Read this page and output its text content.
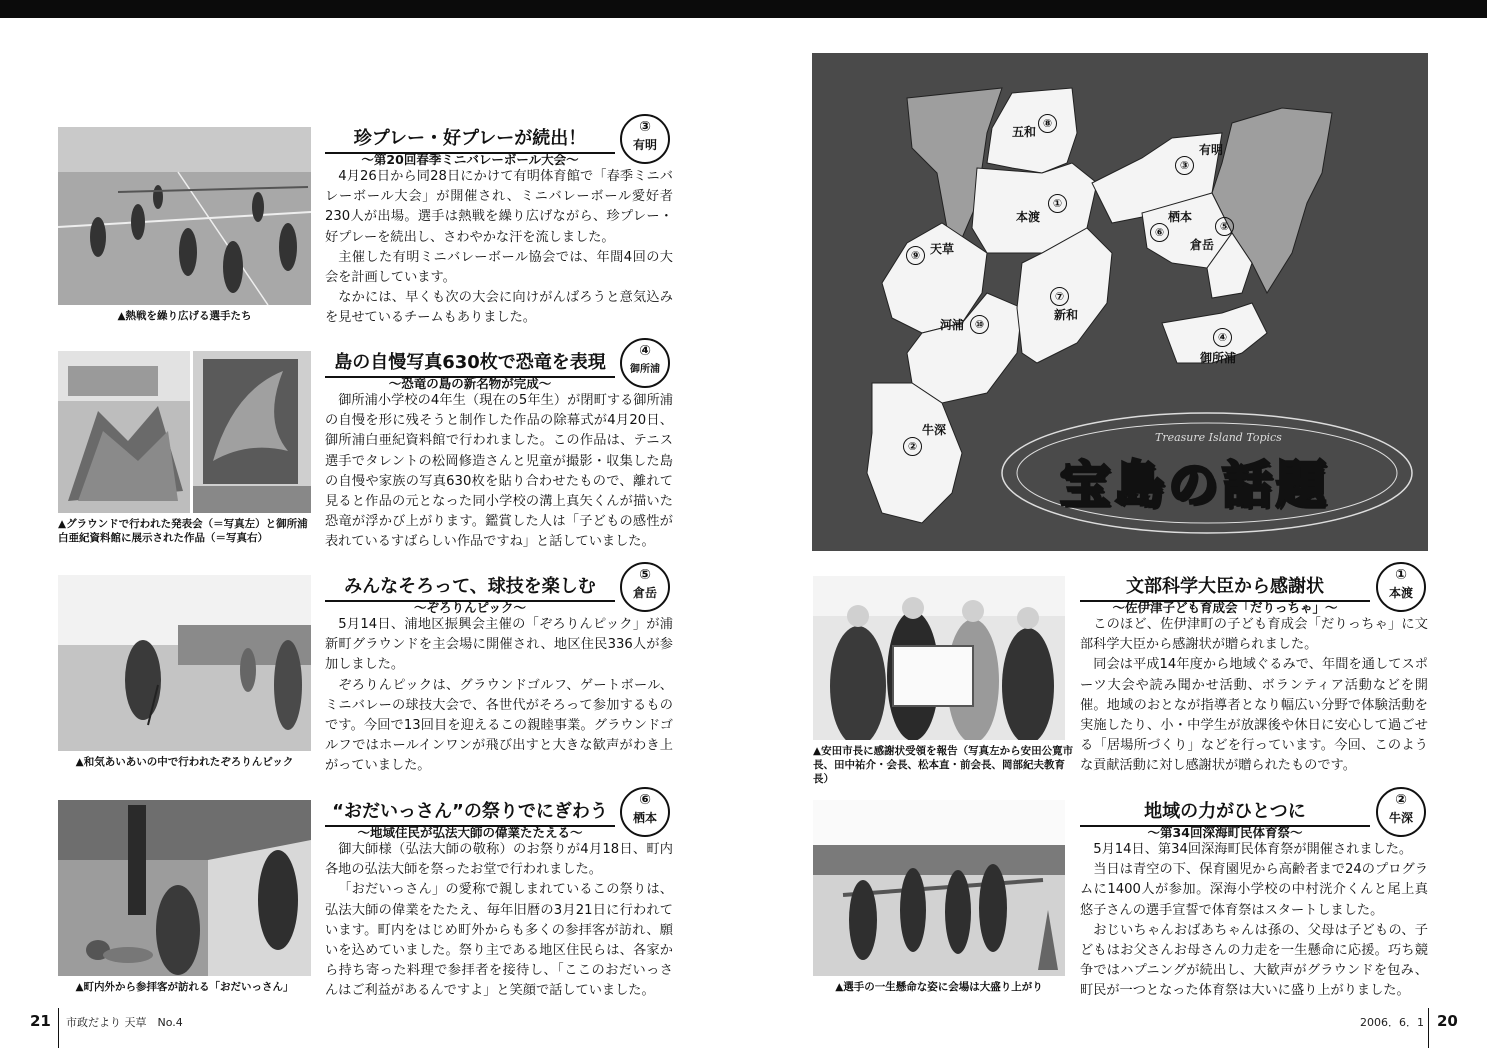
▲熱戦を繰り広げる選手たち
珍プレー・好プレーが続出！
～第20回春季ミニバレーボール大会～
③
有明

4月26日から同28日にかけて有明体育館で「春季ミニバレーボール大会」が開催され、ミニバレーボール愛好者230人が出場。選手は熱戦を繰り広げながら、珍プレー・好プレーを続出し、さわやかな汗を流しました。

主催した有明ミニバレーボール協会では、年間4回の大会を計画しています。

なかには、早くも次の大会に向けがんばろうと意気込みを見せているチームもありました。

▲グラウンドで行われた発表会（＝写真左）と御所浦白亜紀資料館に展示された作品（＝写真右）
島の自慢写真630枚で恐竜を表現
～恐竜の島の新名物が完成～
④
御所浦

御所浦小学校の4年生（現在の5年生）が閉町する御所浦の自慢を形に残そうと制作した作品の除幕式が4月20日、御所浦白亜紀資料館で行われました。この作品は、テニス選手でタレントの松岡修造さんと児童が撮影・収集した島の自慢や家族の写真630枚を貼り合わせたもので、離れて見ると作品の元となった同小学校の溝上真矢くんが描いた恐竜が浮かび上がります。鑑賞した人は「子どもの感性が表れているすばらしい作品ですね」と話していました。

▲和気あいあいの中で行われたぞろりんピック
みんなそろって、球技を楽しむ
～ぞろりんピック～
⑤
倉岳

5月14日、浦地区振興会主催の「ぞろりんピック」が浦新町グラウンドを主会場に開催され、地区住民336人が参加しました。

ぞろりんピックは、グラウンドゴルフ、ゲートボール、ミニバレーの球技大会で、各世代がそろって参加するものです。今回で13回目を迎えるこの親睦事業。グラウンドゴルフではホールインワンが飛び出すと大きな歓声がわき上がっていました。

▲町内外から参拝客が訪れる「おだいっさん」
“おだいっさん”の祭りでにぎわう
～地域住民が弘法大師の偉業たたえる～
⑥
栖本

御大師様（弘法大師の敬称）のお祭りが4月18日、町内各地の弘法大師を祭ったお堂で行われました。

「おだいっさん」の愛称で親しまれているこの祭りは、弘法大師の偉業をたたえ、毎年旧暦の3月21日に行われています。町内をはじめ町外からも多くの参拝客が訪れ、願いを込めていました。祭り主である地区住民らは、各家から持ち寄った料理で参拝者を接待し、「ここのおだいっさんはご利益があるんですよ」と笑顔で話していました。

①
本渡
②
牛深
③
有明
④
御所浦
⑤
倉岳
⑥
栖本
⑦
新和
⑧
五和
⑨ 天草
⑩
河浦
Treasure Island Topics
宝島の話題
▲安田市長に感謝状受領を報告（写真左から安田公寛市長、田中祐介・会長、松本直・前会長、岡部紀夫教育長）
文部科学大臣から感謝状
～佐伊津子ども育成会「だりっちゃ」～
①
本渡

このほど、佐伊津町の子ども育成会「だりっちゃ」に文部科学大臣から感謝状が贈られました。

同会は平成14年度から地域ぐるみで、年間を通してスポーツ大会や読み聞かせ活動、ボランティア活動などを開催。地域のおとなが指導者となり幅広い分野で体験活動を実施したり、小・中学生が放課後や休日に安心して過ごせる「居場所づくり」などを行っています。今回、このような貢献活動に対し感謝状が贈られたものです。

▲選手の一生懸命な姿に会場は大盛り上がり
地域の力がひとつに
～第34回深海町民体育祭～
②
牛深

5月14日、第34回深海町民体育祭が開催されました。

当日は青空の下、保育園児から高齢者まで24のプログラムに1400人が参加。深海小学校の中村洸介くんと尾上真悠子さんの選手宣誓で体育祭はスタートしました。

おじいちゃんおばあちゃんは孫の、父母は子どもの、子どもはお父さんお母さんの力走を一生懸命に応援。巧ち競争ではハプニングが続出し、大歓声がグラウンドを包み、町民が一つとなった体育祭は大いに盛り上がりました。

21 市政だより 天草　No.4	2006．6．1 20
